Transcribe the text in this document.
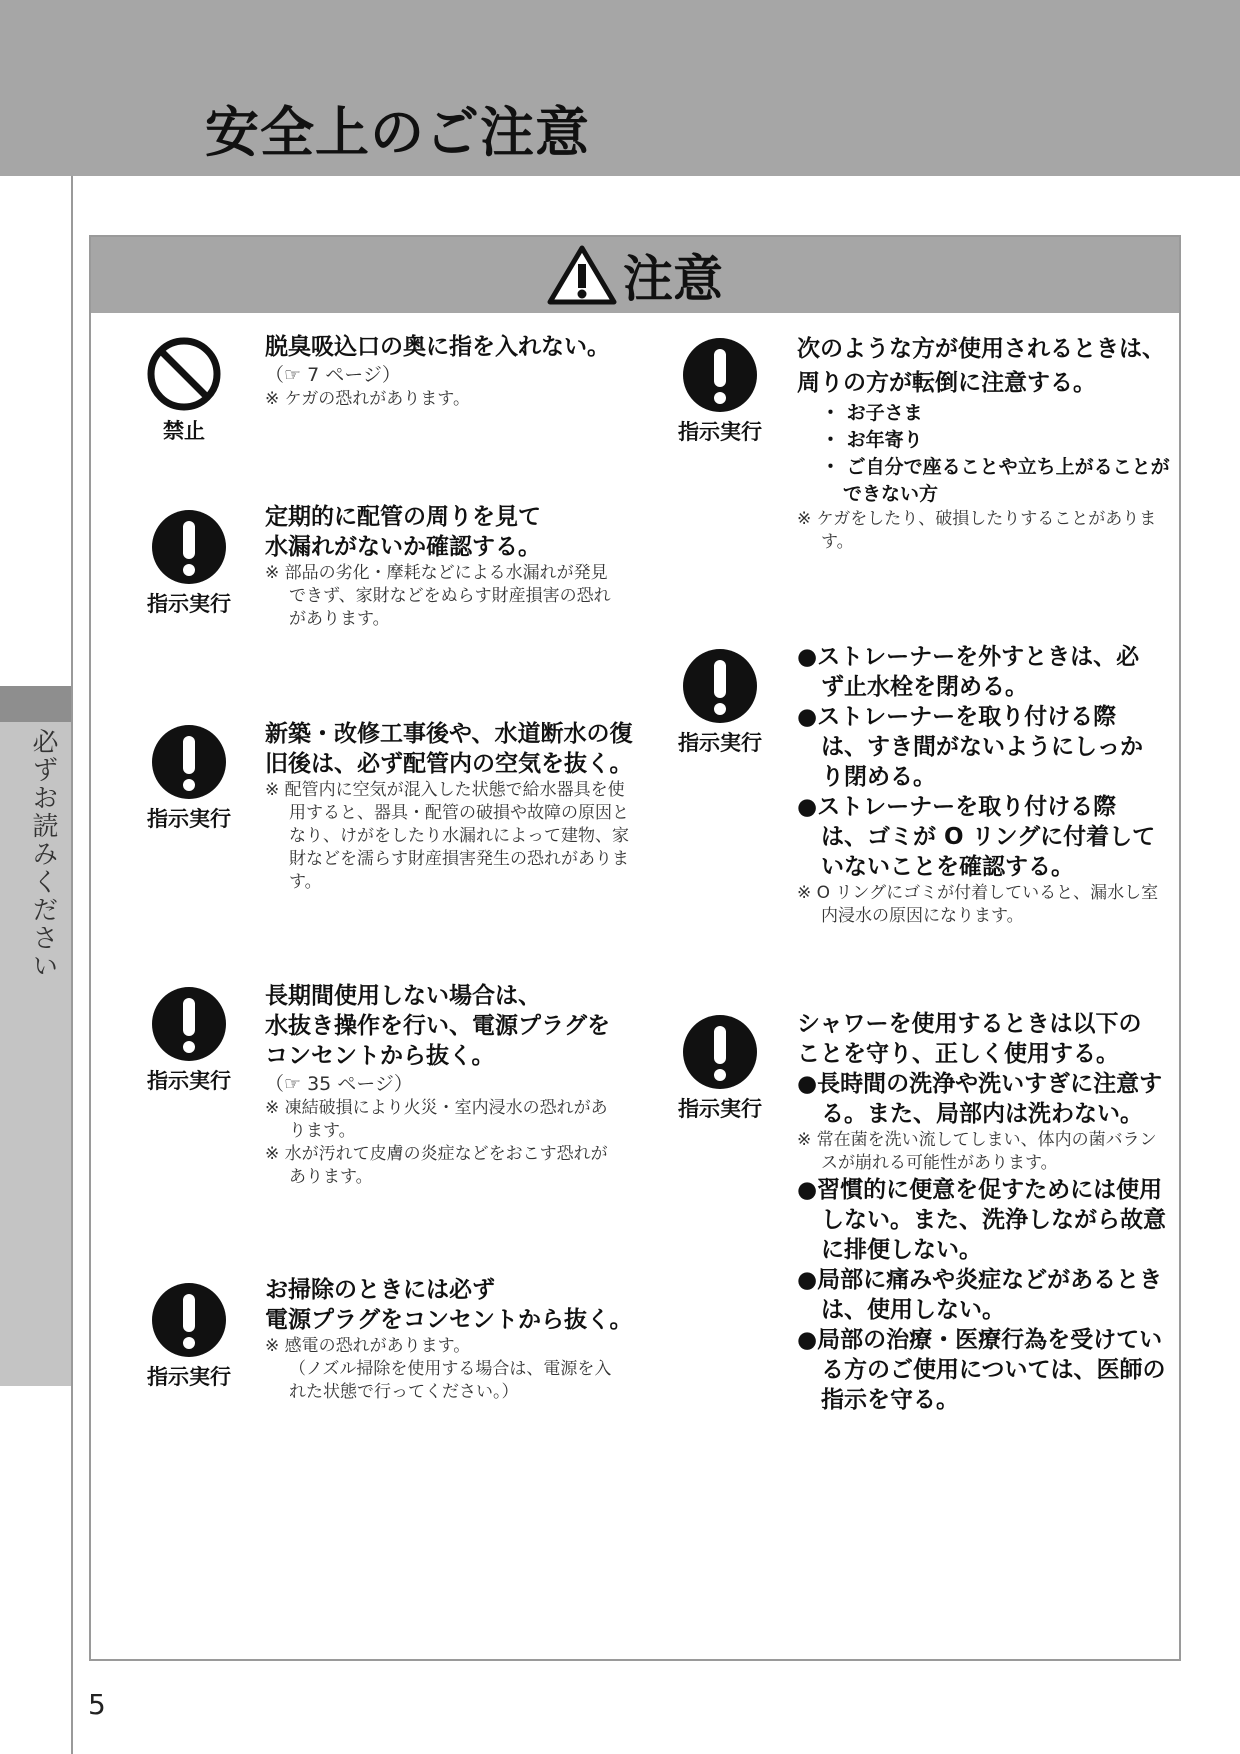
安全上のご注意
必ずお読みください
注意
禁止

脱臭吸込口の奥に指を入れない。

（☞ 7 ページ）

※ ケガの恐れがあります。

指示実行

定期的に配管の周りを見て

水漏れがないか確認する。

※ 部品の劣化・摩耗などによる水漏れが発見できず、家財などをぬらす財産損害の恐れがあります。

指示実行

新築・改修工事後や、水道断水の復

旧後は、必ず配管内の空気を抜く。

※ 配管内に空気が混入した状態で給水器具を使用すると、器具・配管の破損や故障の原因となり、けがをしたり水漏れによって建物、家財などを濡らす財産損害発生の恐れがあります。

指示実行

長期間使用しない場合は、

水抜き操作を行い、電源プラグを

コンセントから抜く。

（☞ 35 ページ）

※ 凍結破損により火災・室内浸水の恐れがあります。

※ 水が汚れて皮膚の炎症などをおこす恐れがあります。

指示実行

お掃除のときには必ず

電源プラグをコンセントから抜く。

※ 感電の恐れがあります。

（ノズル掃除を使用する場合は、電源を入れた状態で行ってください。）

指示実行

次のような方が使用されるときは、

周りの方が転倒に注意する。

・ お子さま

・ お年寄り

・ ご自分で座ることや立ち上がることができない方

※ ケガをしたり、破損したりすることがあります。

指示実行

●ストレーナーを外すときは、必ず止水栓を閉める。

●ストレーナーを取り付ける際は、すき間がないようにしっかり閉める。

●ストレーナーを取り付ける際は、ゴミが O リングに付着していないことを確認する。

※ O リングにゴミが付着していると、漏水し室内浸水の原因になります。

指示実行

シャワーを使用するときは以下の

ことを守り、正しく使用する。

●長時間の洗浄や洗いすぎに注意する。また、局部内は洗わない。

※ 常在菌を洗い流してしまい、体内の菌バランスが崩れる可能性があります。

●習慣的に便意を促すためには使用しない。また、洗浄しながら故意に排便しない。

●局部に痛みや炎症などがあるときは、使用しない。

●局部の治療・医療行為を受けている方のご使用については、医師の指示を守る。

5
